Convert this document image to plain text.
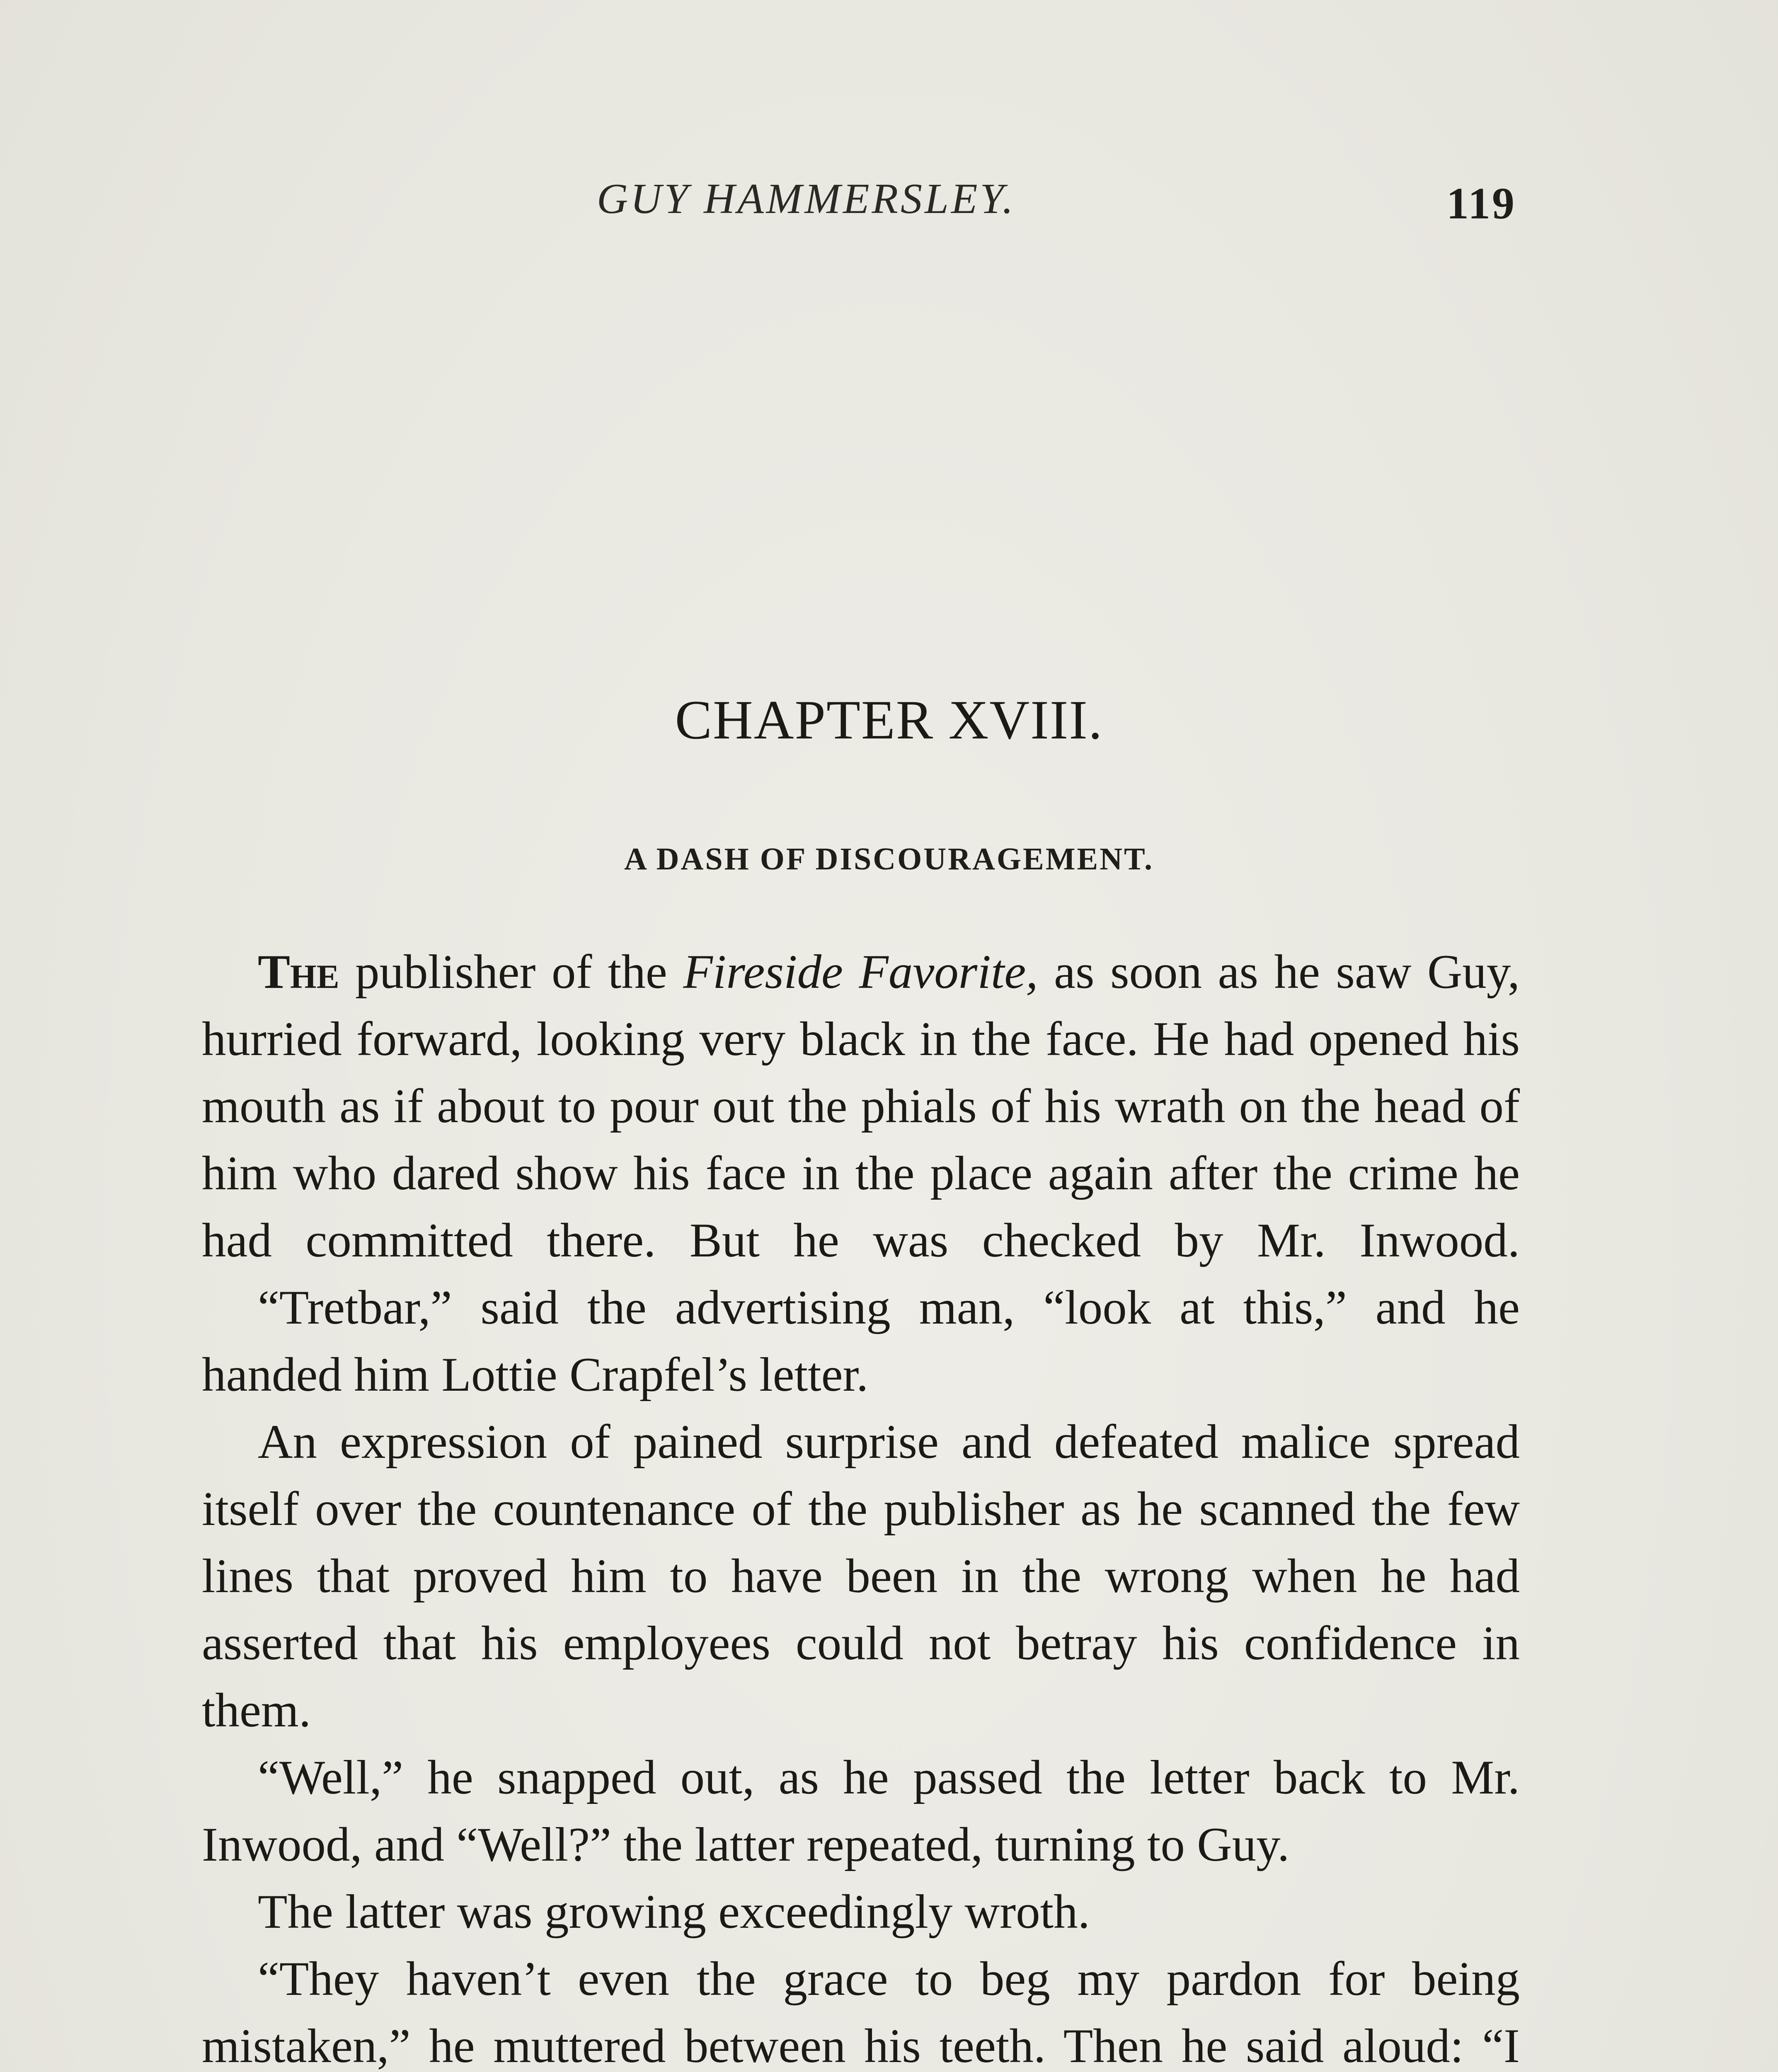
GUY HAMMERSLEY.	119
CHAPTER XVIII.
A DASH OF DISCOURAGEMENT.

The publisher of the Fireside Favorite, as soon as he saw Guy, hurried forward, looking very black in the face. He had opened his mouth as if about to pour out the phials of his wrath on the head of him who dared show his face in the place again after the crime he had committed there. But he was checked by Mr. Inwood.

“Tretbar,” said the advertising man, “look at this,” and he handed him Lottie Crapfel’s letter.

An expression of pained surprise and defeated malice spread itself over the countenance of the publisher as he scanned the few lines that proved him to have been in the wrong when he had asserted that his employees could not betray his confidence in them.

“Well,” he snapped out, as he passed the letter back to Mr. Inwood, and “Well?” the latter repeated, turning to Guy.

The latter was growing exceedingly wroth.

“They haven’t even the grace to beg my pardon for being mistaken,” he muttered between his teeth. Then he said aloud: “I
